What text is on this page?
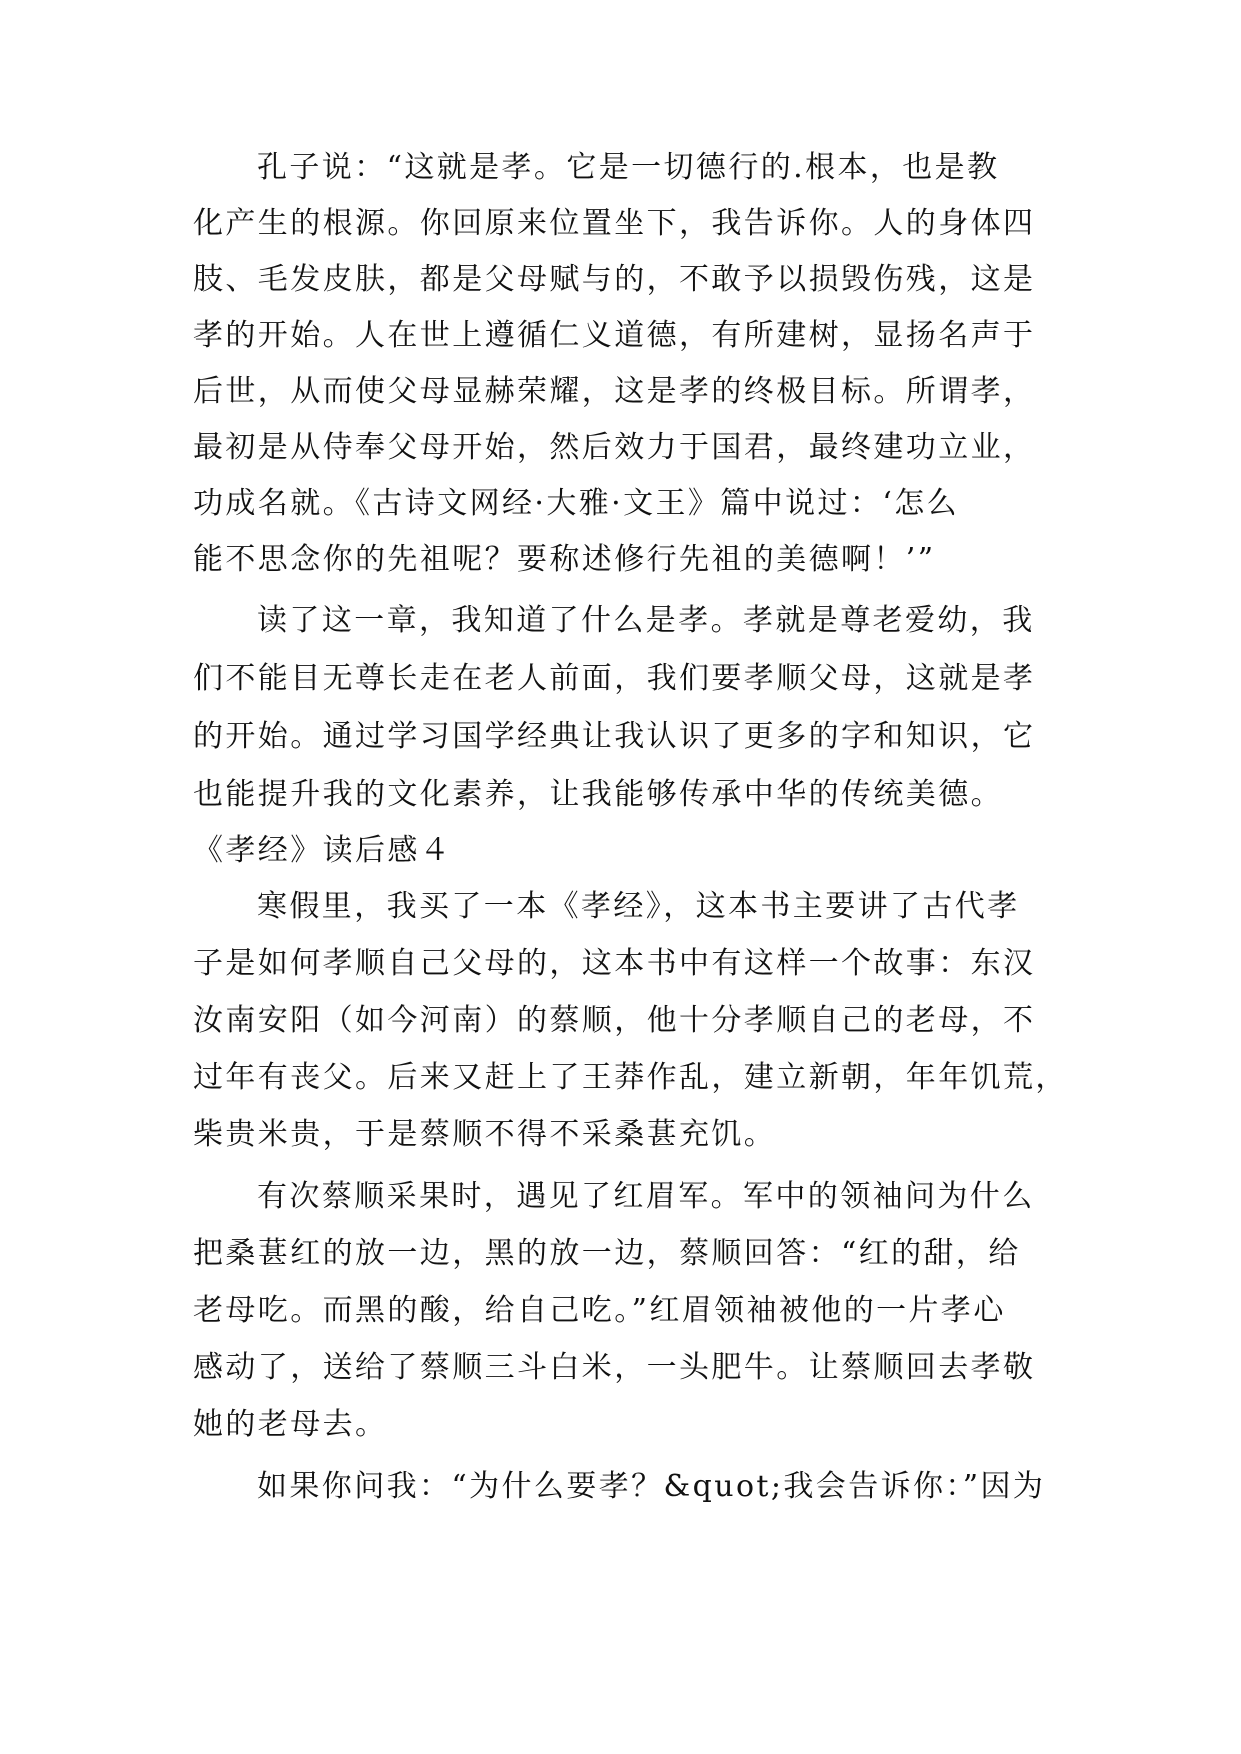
孔子说：“这就是孝。它是一切德行的.根本，也是教
化产生的根源。你回原来位置坐下，我告诉你。人的身体四
肢、毛发皮肤，都是父母赋与的，不敢予以损毁伤残，这是
孝的开始。人在世上遵循仁义道德，有所建树，显扬名声于
后世，从而使父母显赫荣耀，这是孝的终极目标。所谓孝，
最初是从侍奉父母开始，然后效力于国君，最终建功立业，
功成名就。《古诗文网经·大雅·文王》篇中说过：‘怎么
能不思念你的先祖呢？要称述修行先祖的美德啊！’”
读了这一章，我知道了什么是孝。孝就是尊老爱幼，我
们不能目无尊长走在老人前面，我们要孝顺父母，这就是孝
的开始。通过学习国学经典让我认识了更多的字和知识，它
也能提升我的文化素养，让我能够传承中华的传统美德。
《孝经》读后感４
寒假里，我买了一本《孝经》，这本书主要讲了古代孝
子是如何孝顺自己父母的，这本书中有这样一个故事：东汉
汝南安阳（如今河南）的蔡顺，他十分孝顺自己的老母，不
过年有丧父。后来又赶上了王莽作乱，建立新朝，年年饥荒，
柴贵米贵，于是蔡顺不得不采桑葚充饥。
有次蔡顺采果时，遇见了红眉军。军中的领袖问为什么
把桑葚红的放一边，黑的放一边，蔡顺回答：“红的甜，给
老母吃。而黑的酸，给自己吃。”红眉领袖被他的一片孝心
感动了，送给了蔡顺三斗白米，一头肥牛。让蔡顺回去孝敬
她的老母去。
如果你问我：“为什么要孝？&quot;我会告诉你：”因为
